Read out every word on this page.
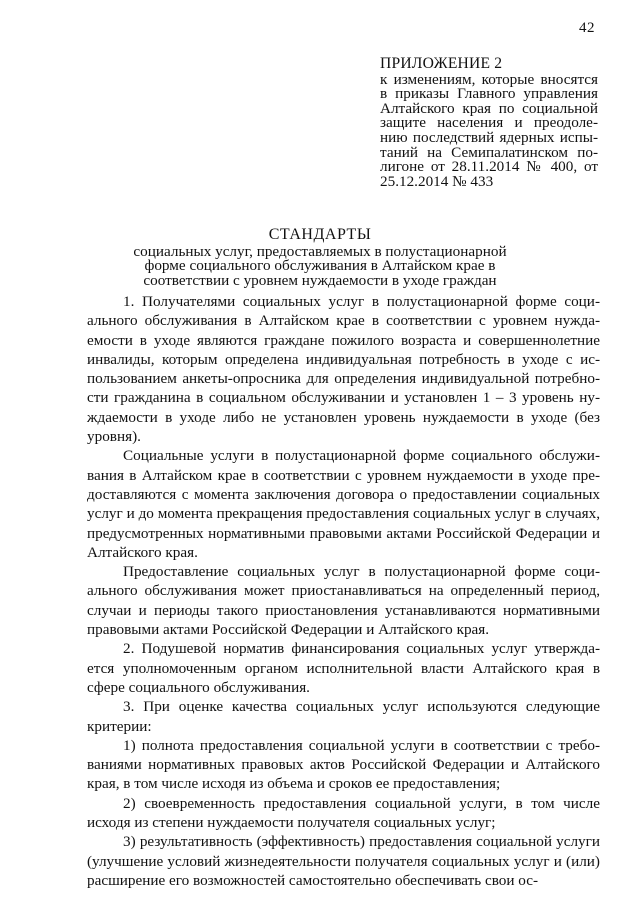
42
ПРИЛОЖЕНИЕ 2
к изменениям, которые вносятся в приказы Главного управления Алтайского края по социальной защите населения и преодолению последствий ядерных испытаний на Семипалатинском полигоне от 28.11.2014 № 400, от 25.12.2014 № 433
СТАНДАРТЫ
социальных услуг, предоставляемых в полустационарной форме социального обслуживания в Алтайском крае в соответствии с уровнем нуждаемости в уходе граждан

1. Получателями социальных услуг в полустационарной форме социального обслуживания в Алтайском крае в соответствии с уровнем нуждаемости в уходе являются граждане пожилого возраста и совершеннолетние инвалиды, которым определена индивидуальная потребность в уходе с использованием анкеты-опросника для определения индивидуальной потребности гражданина в социальном обслуживании и установлен 1 – 3 уровень нуждаемости в уходе либо не установлен уровень нуждаемости в уходе (без уровня).

Социальные услуги в полустационарной форме социального обслуживания в Алтайском крае в соответствии с уровнем нуждаемости в уходе предоставляются с момента заключения договора о предоставлении социальных услуг и до момента прекращения предоставления социальных услуг в случаях, предусмотренных нормативными правовыми актами Российской Федерации и Алтайского края.

Предоставление социальных услуг в полустационарной форме социального обслуживания может приостанавливаться на определенный период, случаи и периоды такого приостановления устанавливаются нормативными правовыми актами Российской Федерации и Алтайского края.

2. Подушевой норматив финансирования социальных услуг утверждается уполномоченным органом исполнительной власти Алтайского края в сфере социального обслуживания.

3. При оценке качества социальных услуг используются следующие критерии:

1) полнота предоставления социальной услуги в соответствии с требованиями нормативных правовых актов Российской Федерации и Алтайского края, в том числе исходя из объема и сроков ее предоставления;

2) своевременность предоставления социальной услуги, в том числе исходя из степени нуждаемости получателя социальных услуг;

3) результативность (эффективность) предоставления социальной услуги (улучшение условий жизнедеятельности получателя социальных услуг и (или) расширение его возможностей самостоятельно обеспечивать свои ос-
